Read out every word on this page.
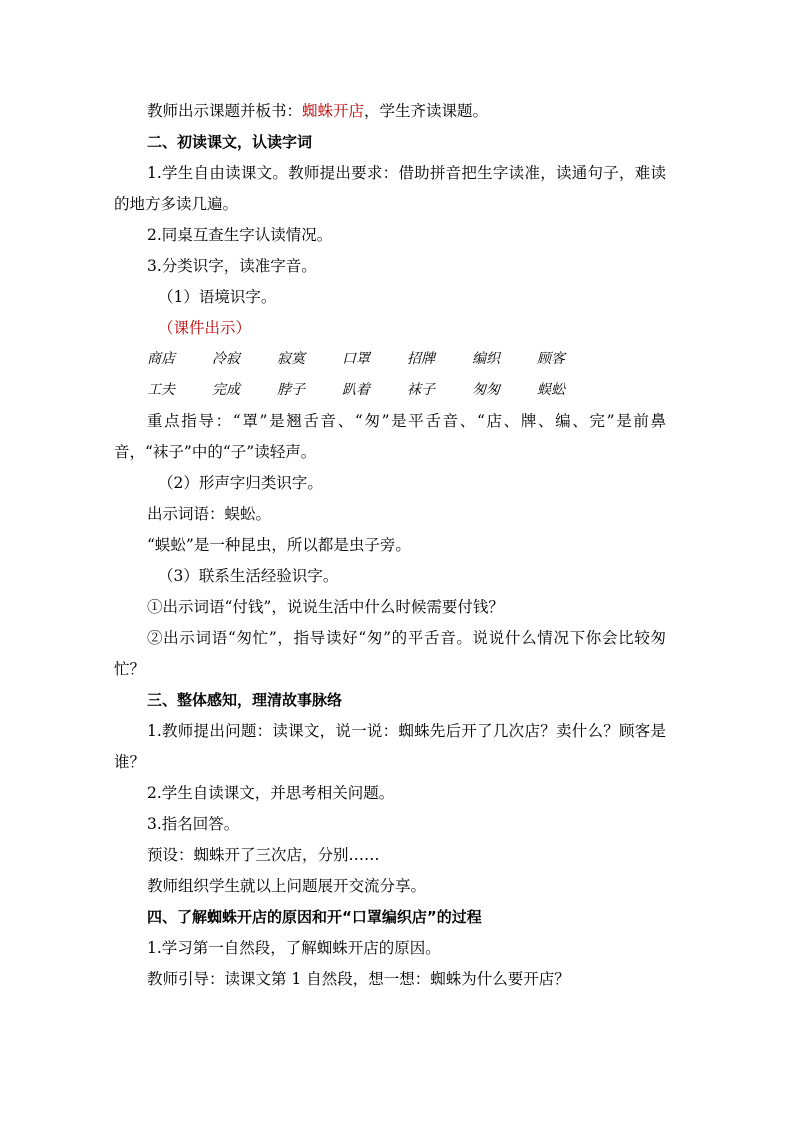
教师出示课题并板书：蜘蛛开店，学生齐读课题。

二、初读课文，认读字词

1.学生自由读课文。教师提出要求：借助拼音把生字读准，读通句子，难读的地方多读几遍。

2.同桌互查生字认读情况。

3.分类识字，读准字音。

（1）语境识字。

（课件出示）

商店	冷寂	寂寞	口罩	招牌	编织	顾客
工夫	完成	脖子	趴着	袜子	匆匆	蜈蚣

重点指导：“罩”是翘舌音、“匆”是平舌音、“店、牌、编、完”是前鼻音，“袜子”中的“子”读轻声。

（2）形声字归类识字。

出示词语：蜈蚣。

“蜈蚣”是一种昆虫，所以都是虫子旁。

（3）联系生活经验识字。

①出示词语“付钱”，说说生活中什么时候需要付钱？

②出示词语“匆忙”，指导读好“匆”的平舌音。说说什么情况下你会比较匆忙？

三、整体感知，理清故事脉络

1.教师提出问题：读课文，说一说：蜘蛛先后开了几次店？卖什么？顾客是谁？

2.学生自读课文，并思考相关问题。

3.指名回答。

预设：蜘蛛开了三次店，分别……

教师组织学生就以上问题展开交流分享。

四、了解蜘蛛开店的原因和开“口罩编织店”的过程

1.学习第一自然段，了解蜘蛛开店的原因。

教师引导：读课文第 1 自然段，想一想：蜘蛛为什么要开店？
